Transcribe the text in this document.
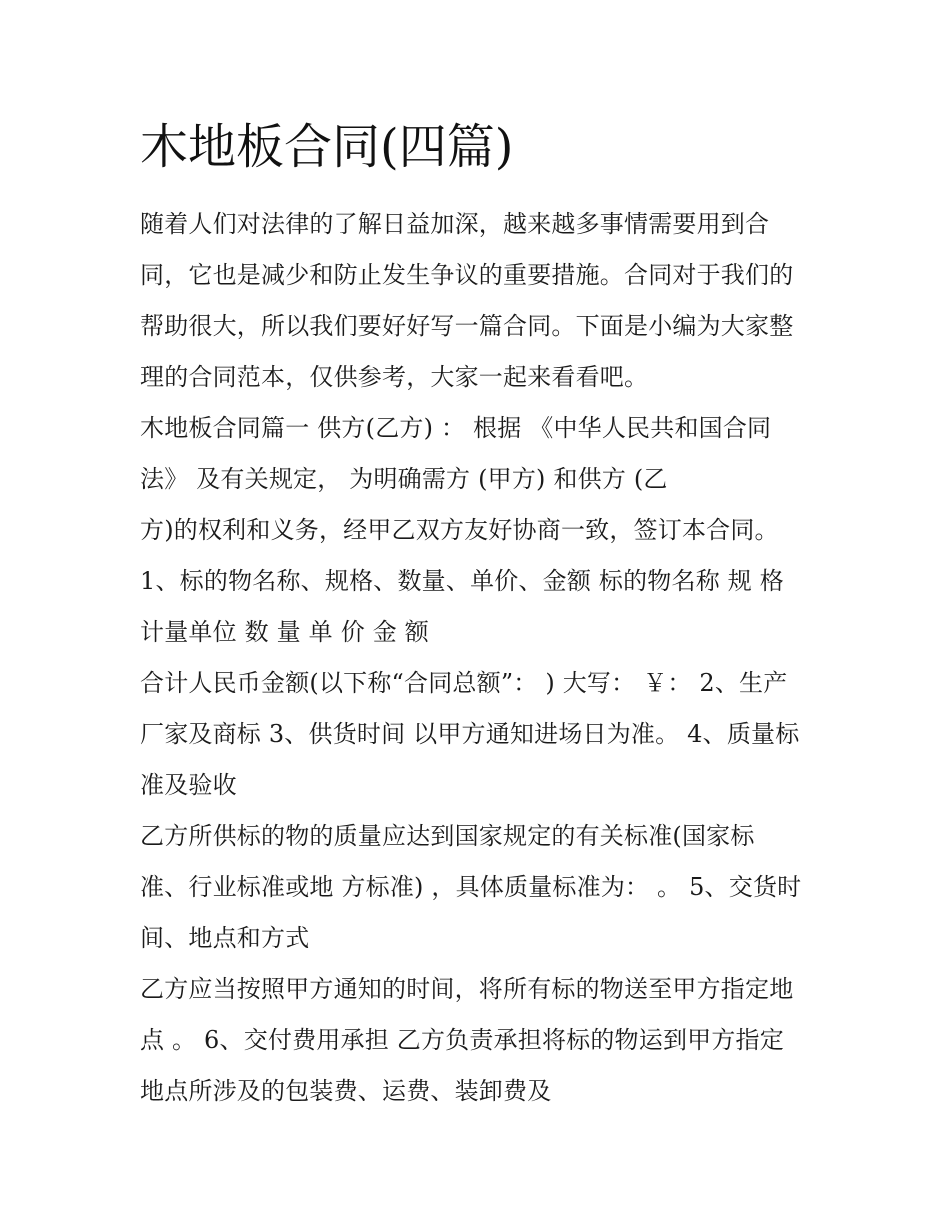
木地板合同(四篇)
随着人们对法律的了解日益加深，越来越多事情需要用到合
同，它也是减少和防止发生争议的重要措施。合同对于我们的
帮助很大，所以我们要好好写一篇合同。下面是小编为大家整
理的合同范本，仅供参考，大家一起来看看吧。
木地板合同篇一 供方(乙方) ： 根据 《中华人民共和国合同
法》 及有关规定， 为明确需方 (甲方) 和供方 (乙
方)的权利和义务，经甲乙双方友好协商一致，签订本合同。
1、标的物名称、规格、数量、单价、金额 标的物名称 规 格
计量单位 数 量 单 价 金 额
合计人民币金额(以下称“合同总额”： ) 大写： ￥： 2、生产
厂家及商标 3、供货时间 以甲方通知进场日为准。 4、质量标
准及验收
乙方所供标的物的质量应达到国家规定的有关标准(国家标
准、行业标准或地 方标准) ，具体质量标准为： 。 5、交货时
间、地点和方式
乙方应当按照甲方通知的时间，将所有标的物送至甲方指定地
点 。 6、交付费用承担 乙方负责承担将标的物运到甲方指定
地点所涉及的包装费、运费、装卸费及
